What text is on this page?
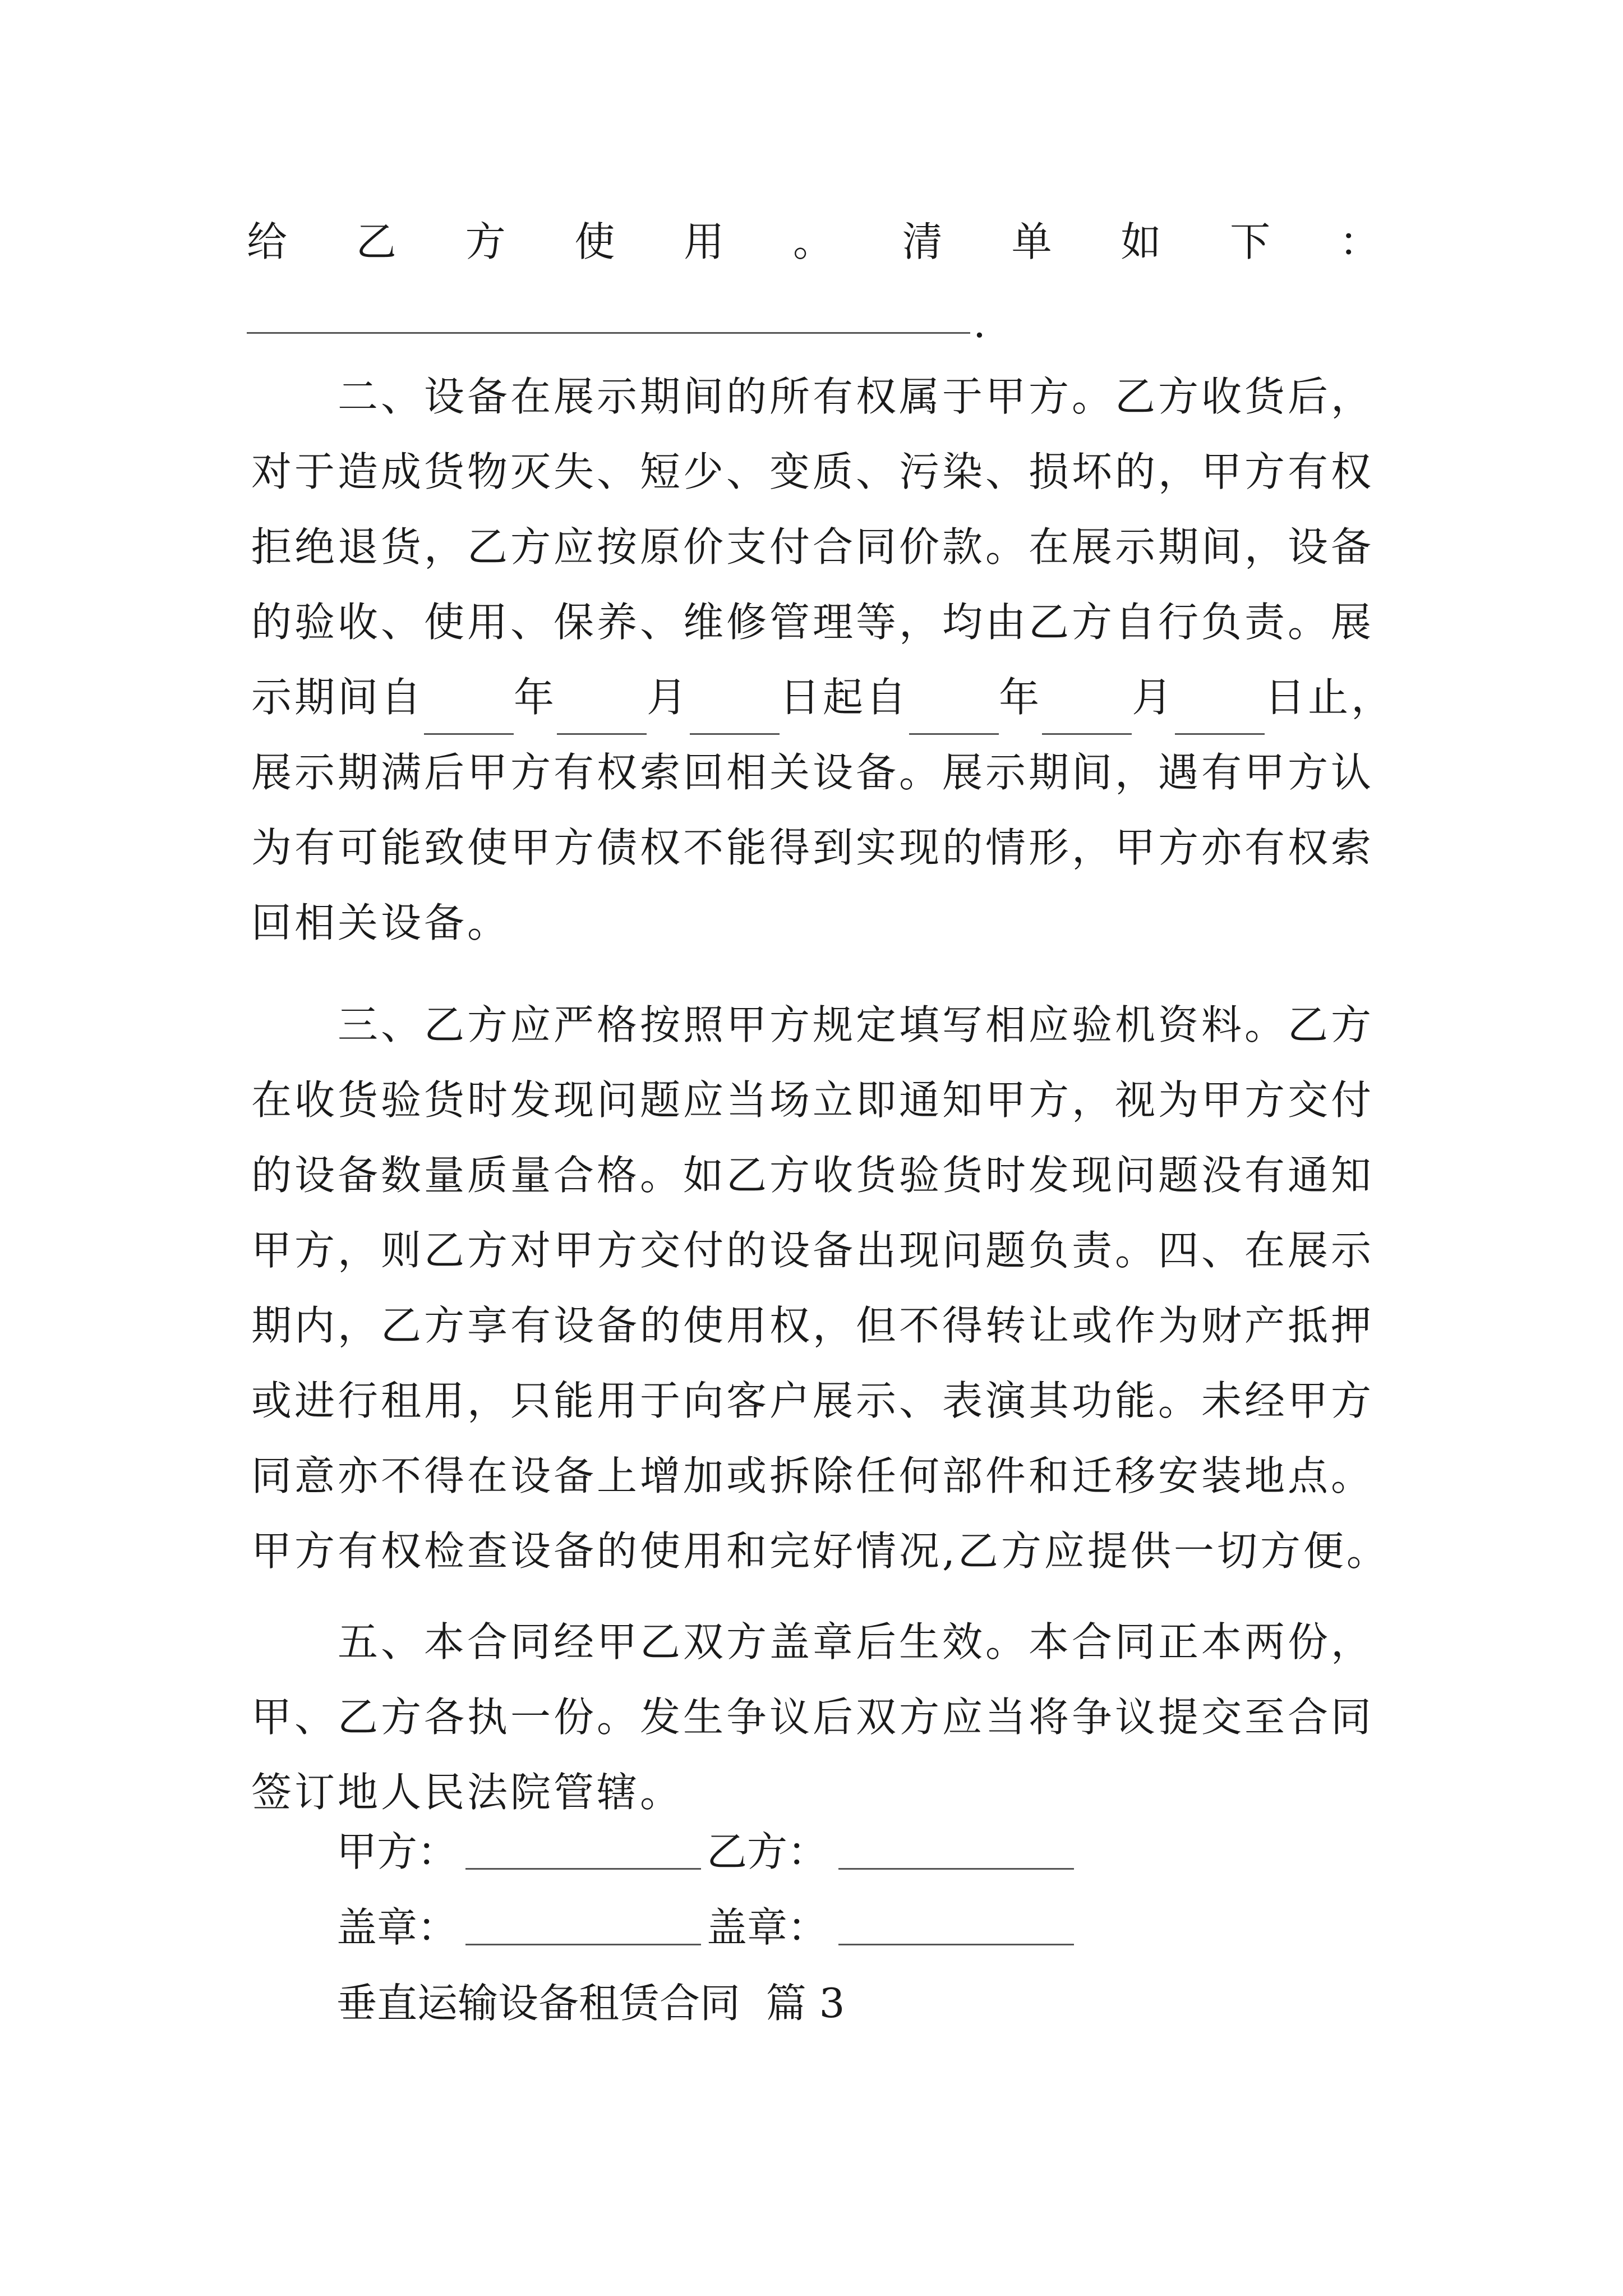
给 乙 方 使 用 。 清 单 如 下 ：
.
　　二、设备在展示期间的所有权属于甲方。乙方收货后，
对于造成货物灭失、短少、变质、污染、损坏的，甲方有权
拒绝退货，乙方应按原价支付合同价款。在展示期间，设备
的验收、使用、保养、维修管理等，均由乙方自行负责。展
示期间自 年 月 日起自 年 月 日止，
展示期满后甲方有权索回相关设备。展示期间，遇有甲方认
为有可能致使甲方债权不能得到实现的情形，甲方亦有权索
回相关设备。
　　三、乙方应严格按照甲方规定填写相应验机资料。乙方
在收货验货时发现问题应当场立即通知甲方，视为甲方交付
的设备数量质量合格。如乙方收货验货时发现问题没有通知
甲方，则乙方对甲方交付的设备出现问题负责。四、在展示
期内，乙方享有设备的使用权，但不得转让或作为财产抵押
或进行租用，只能用于向客户展示、表演其功能。未经甲方
同意亦不得在设备上增加或拆除任何部件和迁移安装地点。
甲方有权检查设备的使用和完好情况,乙方应提供一切方便。
　　五、本合同经甲乙双方盖章后生效。本合同正本两份，
甲、乙方各执一份。发生争议后双方应当将争议提交至合同
签订地人民法院管辖。
甲方：	乙方：
盖章：	盖章：
垂直运输设备租赁合同  篇 3
